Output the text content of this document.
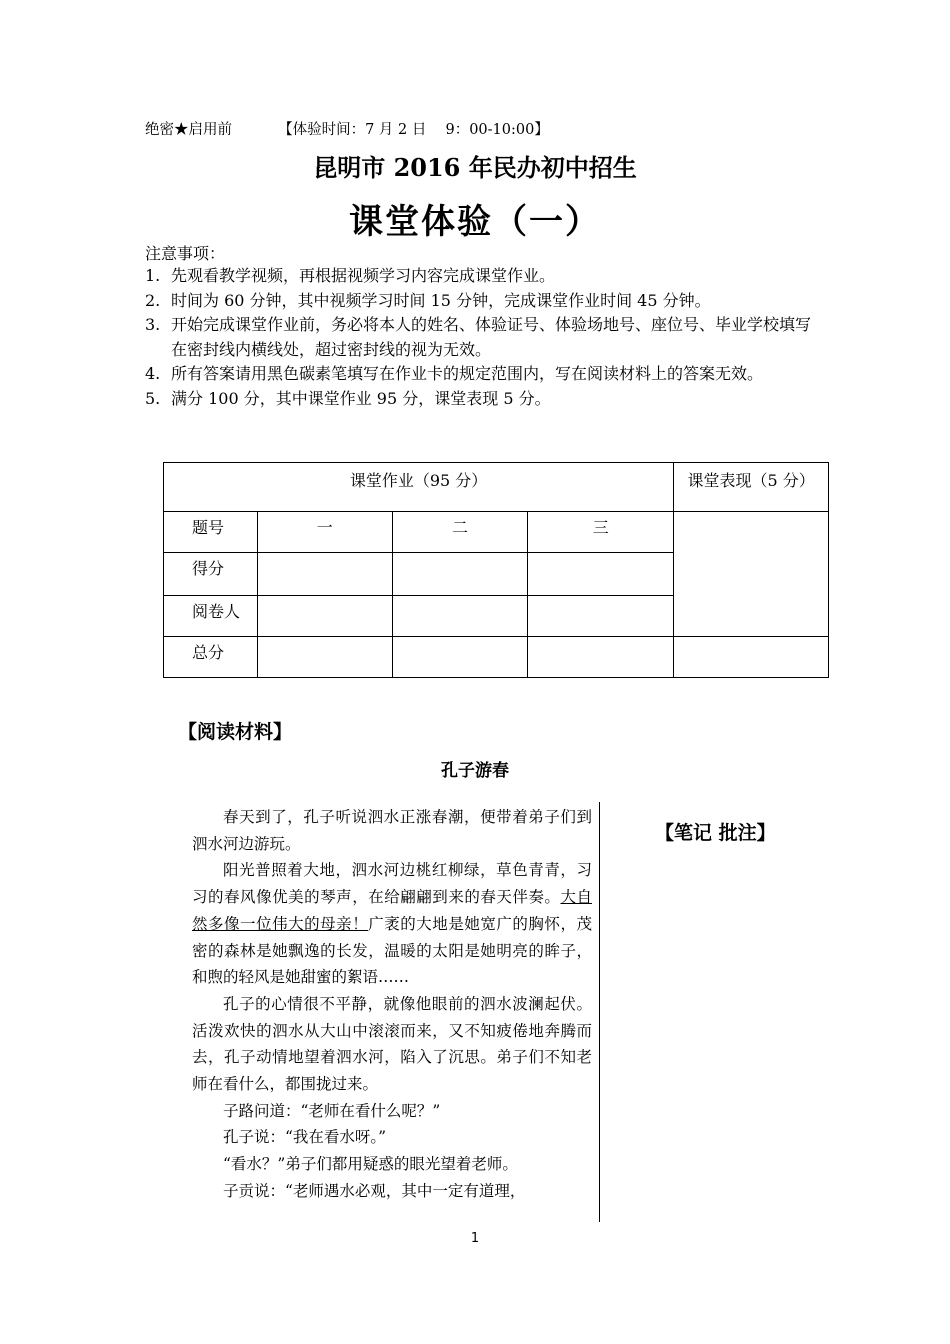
绝密★启用前	【体验时间：7 月 2 日　 9：00-10:00】
昆明市 2016 年民办初中招生
课堂体验（一）
注意事项：
1. 先观看教学视频，再根据视频学习内容完成课堂作业。
2. 时间为 60 分钟，其中视频学习时间 15 分钟，完成课堂作业时间 45 分钟。
3. 开始完成课堂作业前，务必将本人的姓名、体验证号、体验场地号、座位号、毕业学校填写在密封线内横线处，超过密封线的视为无效。
4. 所有答案请用黑色碳素笔填写在作业卡的规定范围内，写在阅读材料上的答案无效。
5. 满分 100 分，其中课堂作业 95 分，课堂表现 5 分。
课堂作业（95 分）				课堂表现（5 分）
题号	一	二	三	
得分				
阅卷人				
总分				
【阅读材料】
孔子游春

春天到了，孔子听说泗水正涨春潮，便带着弟子们到泗水河边游玩。

阳光普照着大地，泗水河边桃红柳绿，草色青青，习习的春风像优美的琴声，在给翩翩到来的春天伴奏。大自然多像一位伟大的母亲！广袤的大地是她宽广的胸怀，茂密的森林是她飘逸的长发，温暖的太阳是她明亮的眸子，和煦的轻风是她甜蜜的絮语……

孔子的心情很不平静，就像他眼前的泗水波澜起伏。活泼欢快的泗水从大山中滚滚而来，又不知疲倦地奔腾而去，孔子动情地望着泗水河，陷入了沉思。弟子们不知老师在看什么，都围拢过来。

子路问道：“老师在看什么呢？”

孔子说：“我在看水呀。”

“看水？”弟子们都用疑惑的眼光望着老师。

子贡说：“老师遇水必观，其中一定有道理，

【笔记 批注】
1
